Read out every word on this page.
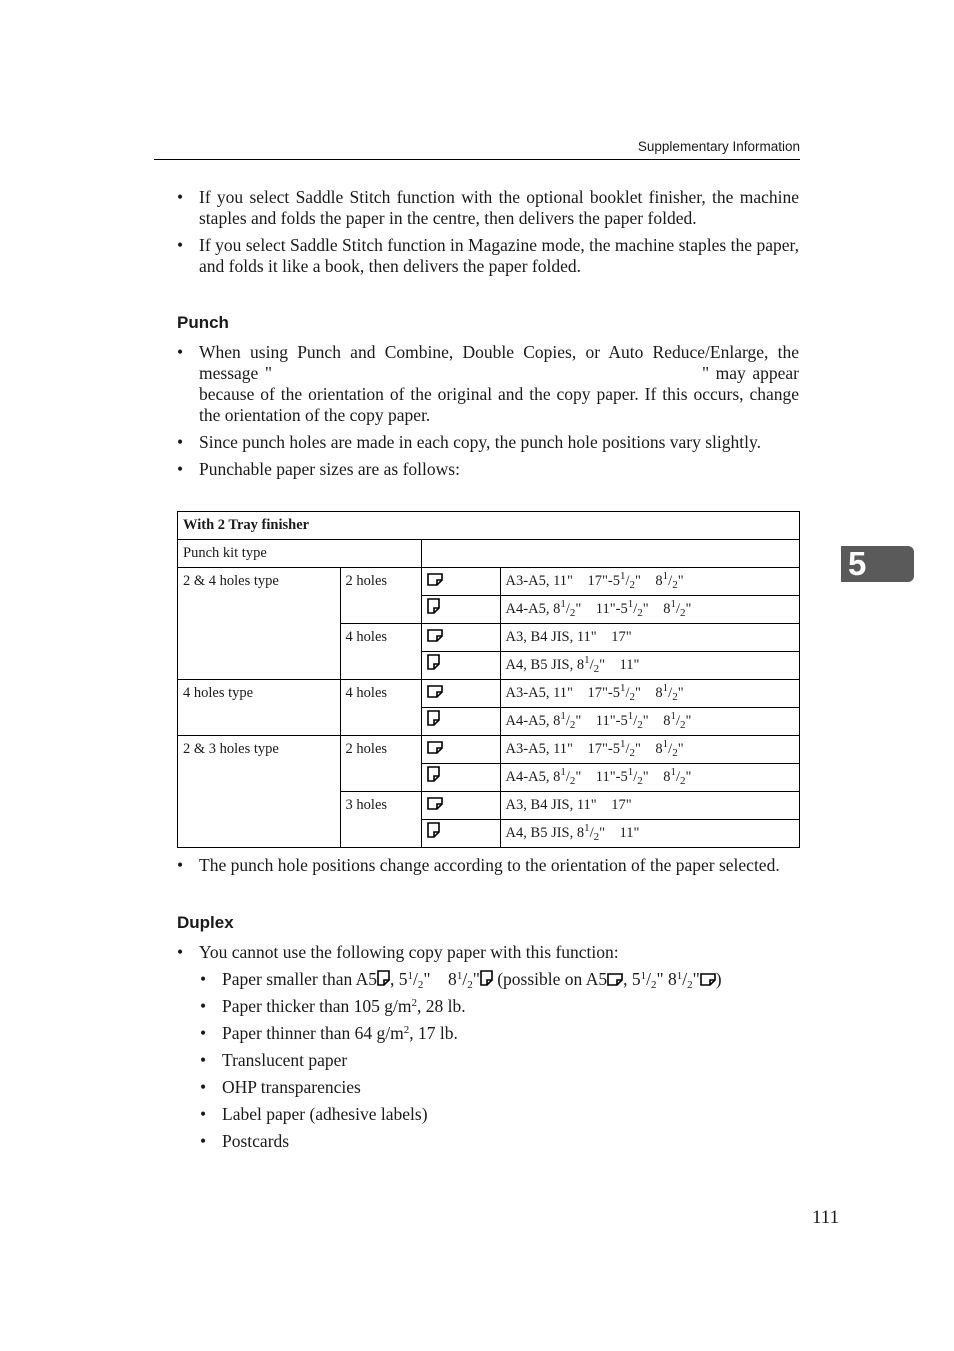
Supplementary Information
5
• If you select Saddle Stitch function with the optional booklet finisher, the machine staples and folds the paper in the centre, then delivers the paper folded.
• If you select Saddle Stitch function in Magazine mode, the machine staples the paper, and folds it like a book, then delivers the paper folded.
Punch
• When using Punch and Combine, Double Copies, or Auto Reduce/Enlarge, the message "	" may appear because of the orientation of the original and the copy paper. If this occurs, change the orientation of the copy paper.
• Since punch holes are made in each copy, the punch hole positions vary slightly.
• Punchable paper sizes are as follows:
With 2 Tray finisher			
Punch kit type			
2 & 4 holes type	2 holes		A3-A5, 11"    $17"-5^1/_2$"    $8^1/_2$"

	A4-A5, $8^1/_2$"    $11"-5^1/_2$"    $8^1/_2$"
	4 holes		A3, B4 JIS, 11"    17"

	A4, B5 JIS, $8^1/_2$"    11"
4 holes type	4 holes		A3-A5, 11"    $17"-5^1/_2$"    $8^1/_2$"

	A4-A5, $8^1/_2$"    $11"-5^1/_2$"    $8^1/_2$"
2 & 3 holes type	2 holes		A3-A5, 11"    $17"-5^1/_2$"    $8^1/_2$"

	A4-A5, $8^1/_2$"    $11"-5^1/_2$"    $8^1/_2$"
	3 holes		A3, B4 JIS, 11"    17"

	A4, B5 JIS, $8^1/_2$"    11"
• The punch hole positions change according to the orientation of the paper selected.
Duplex
• You cannot use the following copy paper with this function:
• Paper smaller than A5 , $5^1/_2$"    $8^1/_2$" (possible on A5 , $5^1/_2$" $8^1/_2$" )
• Paper thicker than 105 $g/m^2$, 28 lb.
• Paper thinner than 64 $g/m^2$, 17 lb.
• Translucent paper
• OHP transparencies
• Label paper (adhesive labels)
• Postcards
111
